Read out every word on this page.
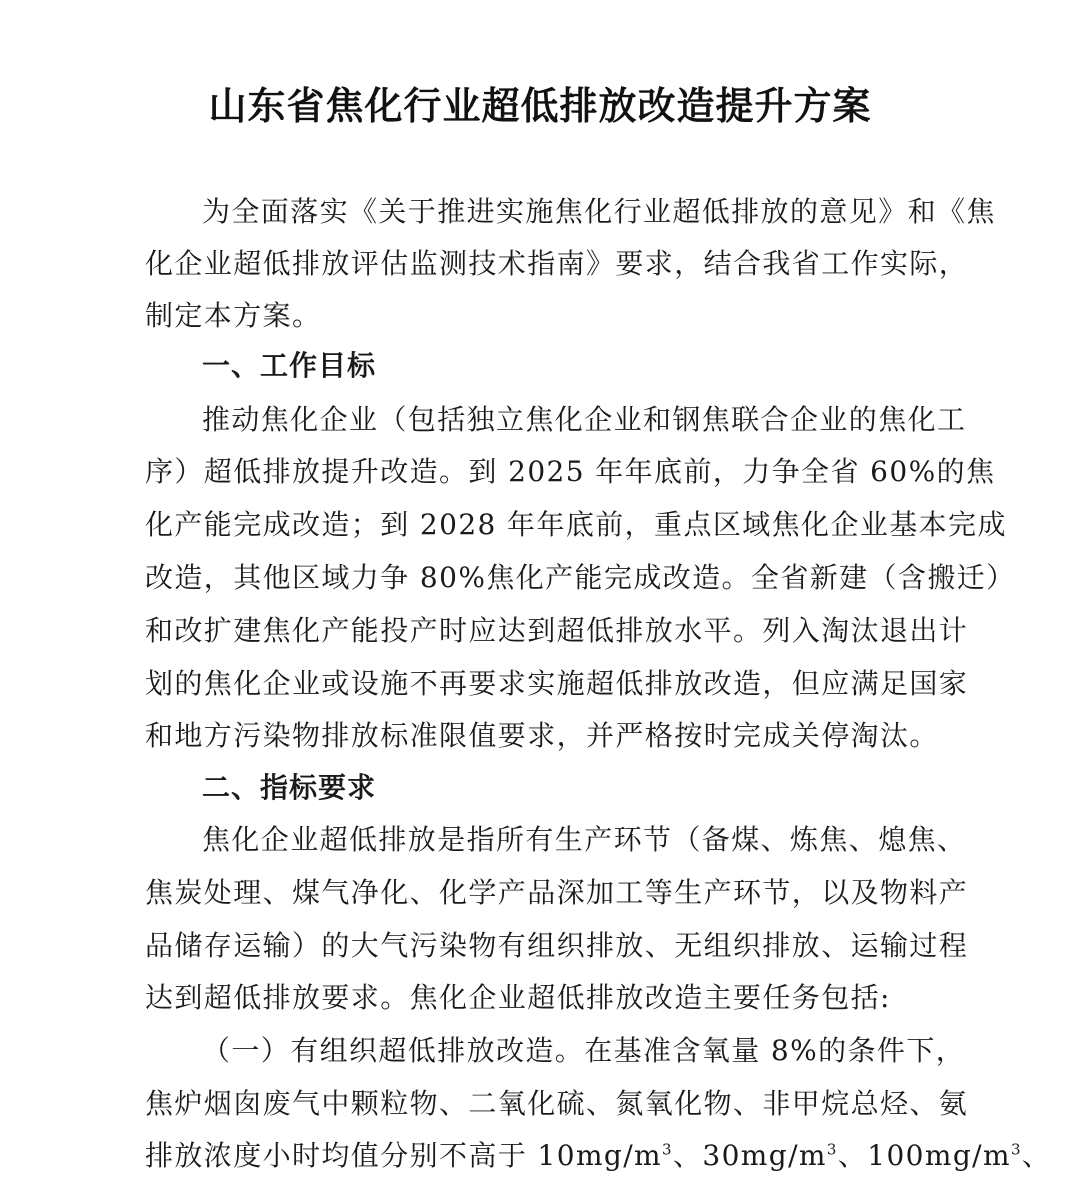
山东省焦化行业超低排放改造提升方案
为全面落实《关于推进实施焦化行业超低排放的意见》和《焦
化企业超低排放评估监测技术指南》要求，结合我省工作实际，
制定本方案。
一、工作目标
推动焦化企业（包括独立焦化企业和钢焦联合企业的焦化工
序）超低排放提升改造。到 2025 年年底前，力争全省 60%的焦
化产能完成改造；到 2028 年年底前，重点区域焦化企业基本完成
改造，其他区域力争 80%焦化产能完成改造。全省新建（含搬迁）
和改扩建焦化产能投产时应达到超低排放水平。列入淘汰退出计
划的焦化企业或设施不再要求实施超低排放改造，但应满足国家
和地方污染物排放标准限值要求，并严格按时完成关停淘汰。
二、指标要求
焦化企业超低排放是指所有生产环节（备煤、炼焦、熄焦、
焦炭处理、煤气净化、化学产品深加工等生产环节，以及物料产
品储存运输）的大气污染物有组织排放、无组织排放、运输过程
达到超低排放要求。焦化企业超低排放改造主要任务包括:
（一）有组织超低排放改造。在基准含氧量 8%的条件下，
焦炉烟囱废气中颗粒物、二氧化硫、氮氧化物、非甲烷总烃、氨
排放浓度小时均值分别不高于 $10mg/m^3$、$30mg/m^3$、$100mg/m^3$、
